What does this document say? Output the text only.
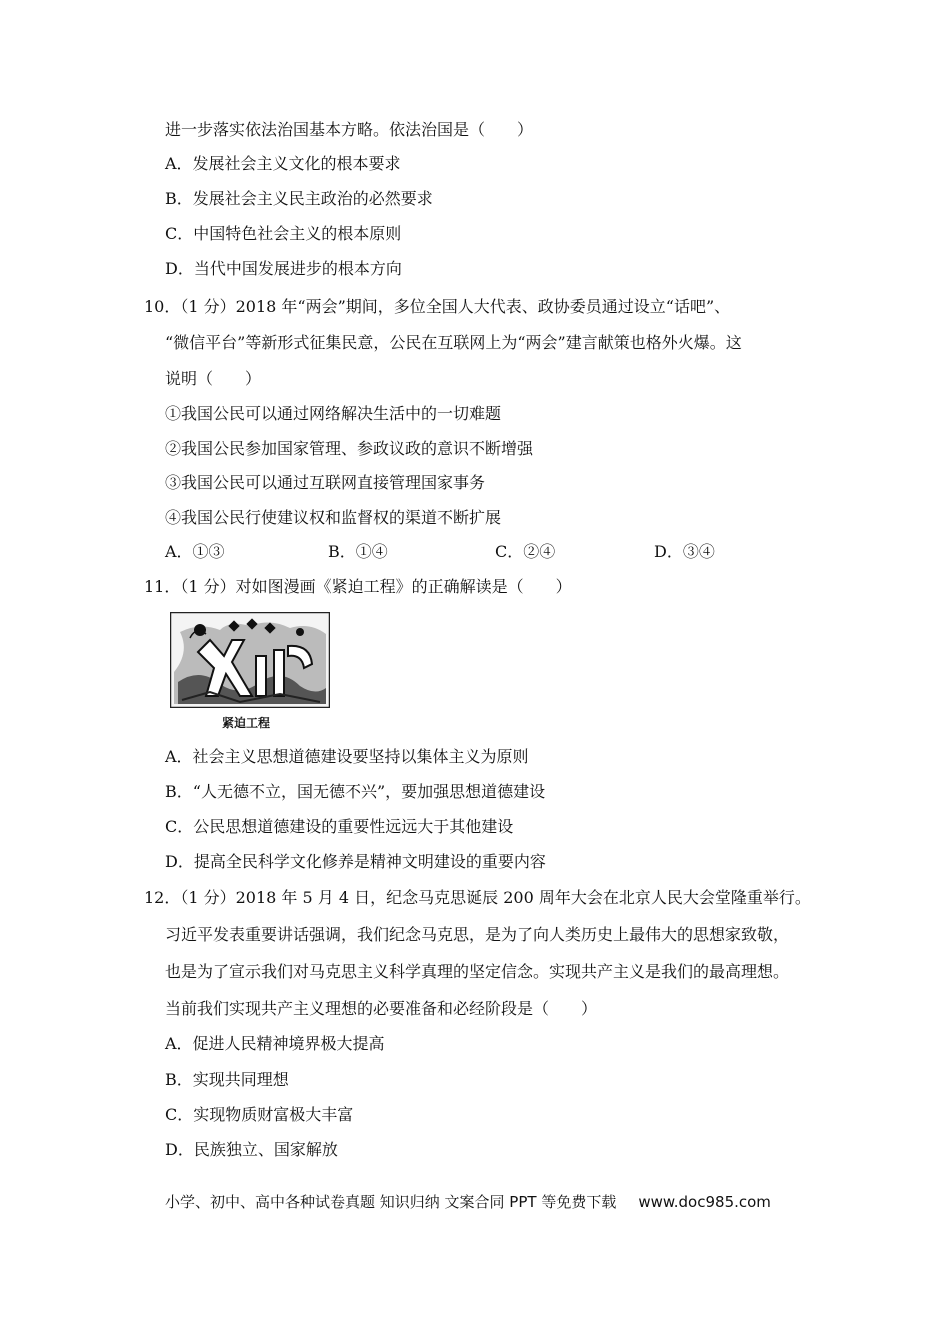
进一步落实依法治国基本方略。依法治国是（　　）
A．发展社会主义文化的根本要求
B．发展社会主义民主政治的必然要求
C．中国特色社会主义的根本原则
D．当代中国发展进步的根本方向
10．（1 分）2018 年“两会”期间，多位全国人大代表、政协委员通过设立“话吧”、
“微信平台”等新形式征集民意，公民在互联网上为“两会”建言献策也格外火爆。这
说明（　　）
①我国公民可以通过网络解决生活中的一切难题
②我国公民参加国家管理、参政议政的意识不断增强
③我国公民可以通过互联网直接管理国家事务
④我国公民行使建议权和监督权的渠道不断扩展
A．①③	B．①④	C．②④	D．③④
11．（1 分）对如图漫画《紧迫工程》的正确解读是（　　）
紧迫工程
A．社会主义思想道德建设要坚持以集体主义为原则
B．“人无德不立，国无德不兴”，要加强思想道德建设
C．公民思想道德建设的重要性远远大于其他建设
D．提高全民科学文化修养是精神文明建设的重要内容
12．（1 分）2018 年 5 月 4 日，纪念马克思诞辰 200 周年大会在北京人民大会堂隆重举行。
习近平发表重要讲话强调，我们纪念马克思，是为了向人类历史上最伟大的思想家致敬，
也是为了宣示我们对马克思主义科学真理的坚定信念。实现共产主义是我们的最高理想。
当前我们实现共产主义理想的必要准备和必经阶段是（　　）
A．促进人民精神境界极大提高
B．实现共同理想
C．实现物质财富极大丰富
D．民族独立、国家解放
小学、初中、高中各种试卷真题 知识归纳 文案合同 PPT 等免费下载 www.doc985.com
